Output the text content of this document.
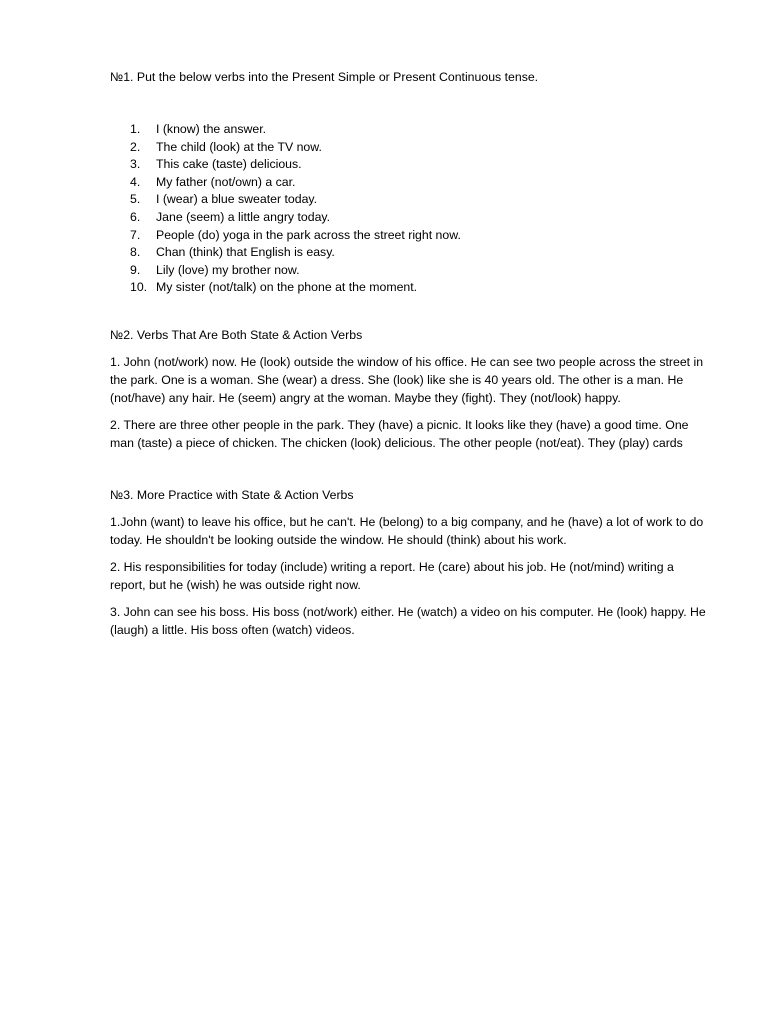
№1. Put the below verbs into the Present Simple or Present Continuous tense.

1. I (know) the answer.
2. The child (look) at the TV now.
3. This cake (taste) delicious.
4. My father (not/own) a car.
5. I (wear) a blue sweater today.
6. Jane (seem) a little angry today.
7. People (do) yoga in the park across the street right now.
8. Chan (think) that English is easy.
9. Lily (love) my brother now.
10. My sister (not/talk) on the phone at the moment.

№2. Verbs That Are Both State & Action Verbs

1. John (not/work) now. He (look) outside the window of his office. He can see two people across the street in the park. One is a woman. She (wear) a dress. She (look) like she is 40 years old. The other is a man. He (not/have) any hair. He (seem) angry at the woman. Maybe they (fight). They (not/look) happy.

2. There are three other people in the park. They (have) a picnic. It looks like they (have) a good time. One man (taste) a piece of chicken. The chicken (look) delicious. The other people (not/eat). They (play) cards

№3. More Practice with State & Action Verbs

1.John (want) to leave his office, but he can't. He (belong) to a big company, and he (have) a lot of work to do today. He shouldn't be looking outside the window. He should (think) about his work.

2. His responsibilities for today (include) writing a report. He (care) about his job. He (not/mind) writing a report, but he (wish) he was outside right now.

3. John can see his boss. His boss (not/work) either. He (watch) a video on his computer. He (look) happy. He (laugh) a little. His boss often (watch) videos.
